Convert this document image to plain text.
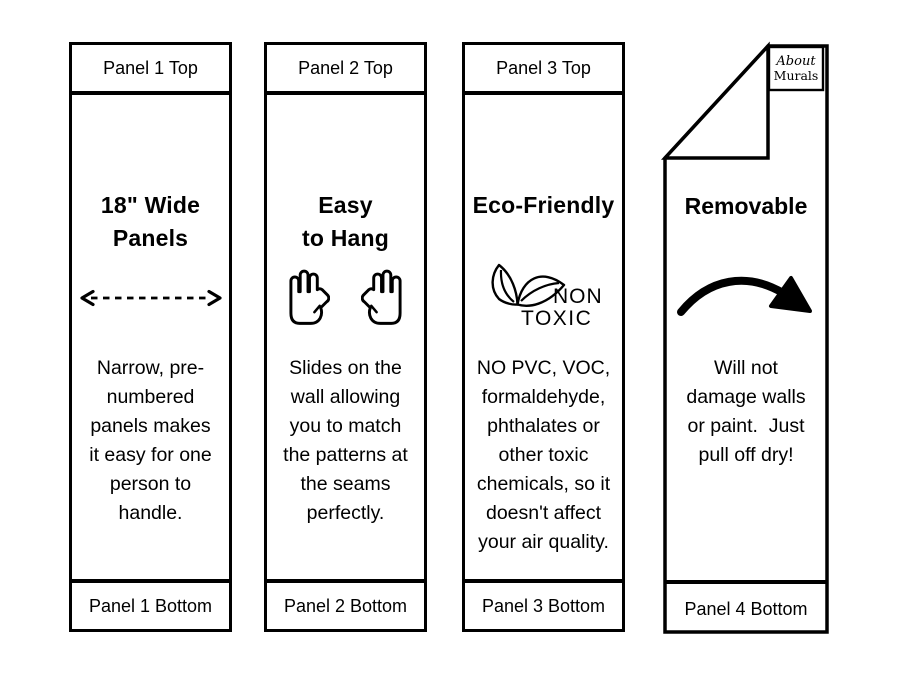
Panel 1 Top
18" Wide
Panels
Narrow, pre-
numbered
panels makes
it easy for one
person to
handle.
Panel 1 Bottom
Panel 2 Top
Easy
to Hang
Slides on the
wall allowing
you to match
the patterns at
the seams
perfectly.
Panel 2 Bottom
Panel 3 Top
Eco-Friendly
NON
TOXIC
NO PVC, VOC,
formaldehyde,
phthalates or
other toxic
chemicals, so it
doesn't affect
your air quality.
Panel 3 Bottom
About
Murals
Removable
Will not
damage walls
or paint.  Just
pull off dry!
Panel 4 Bottom
